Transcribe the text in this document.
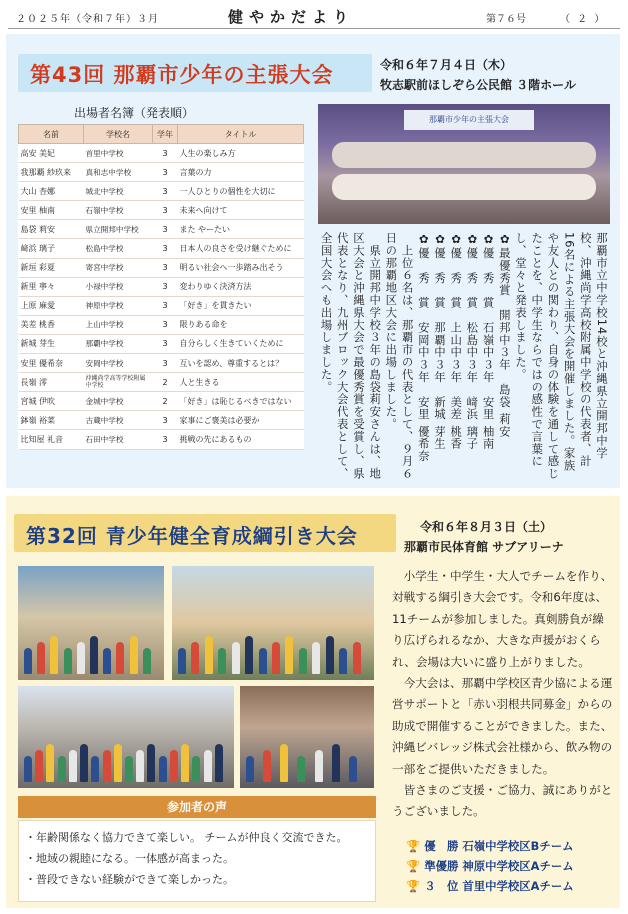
２０２５年（令和７年）３月	健やかだより	第７６号	（ ２ ）
第43回 那覇市少年の主張大会	令和６年７月４日（木）
牧志駅前ほしぞら公民館 ３階ホール
出場者名簿（発表順）
名前	学校名	学年	タイトル
高安 美妃	首里中学校	3	人生の楽しみ方
我那覇 紗玖来	真和志中学校	3	言葉の力
大山 杏娜	城北中学校	3	一人ひとりの個性を大切に
安里 柚南	石嶺中学校	3	未来へ向けて
島袋 莉安	県立開邦中学校	3	また やーたい
﨑浜 璃子	松島中学校	3	日本人の良さを受け継ぐために
新垣 彩夏	寄宮中学校	3	明るい社会へ一歩踏み出そう
新里 寧々	小禄中学校	3	変わりゆく決済方法
上原 麻愛	神原中学校	3	「好き」を貫きたい
美差 桃香	上山中学校	3	限りある命を
新城 芽生	那覇中学校	3	自分らしく生きていくために
安里 優希奈	安岡中学校	3	互いを認め、尊重するとは？
長嶺 澪	沖縄尚学高等学校附属中学校	2	人と生きる
宮城 伊吹	金城中学校	2	「好き」は恥じるべきではない
鉢嶺 裕菜	古蔵中学校	3	家事にご褒美は必要か
比知屋 礼音	石田中学校	3	挑戦の先にあるもの
那覇市少年の主張大会
那覇市立中学校14校と沖縄県立開邦中学校、沖縄尚学高校附属中学校の代表者、計16名による主張大会を開催しました。家族や友人との関わり、自身の体験を通して感じたことを、中学生ならではの感性で言葉にし、堂々と発表しました。
✿最優秀賞　開邦中３年　島袋 莉安
✿優　秀　賞　石嶺中３年　安里 柚南
✿優　秀　賞　松島中３年　﨑浜 璃子
✿優　秀　賞　上山中３年　美差 桃香
✿優　秀　賞　那覇中３年　新城 芽生
✿優　秀　賞　安岡中３年　安里 優希奈
　上位６名は、那覇市の代表として、９月６日の那覇地区大会に出場しました。
　県立開邦中学校３年の島袋莉安さんは、地区大会と沖縄県大会で最優秀賞を受賞し、県代表となり、九州ブロック大会代表として、全国大会へも出場しました。
第32回 青少年健全育成綱引き大会	令和６年８月３日（土）
那覇市民体育館 サブアリーナ
参加者の声
・年齢関係なく協力できて楽しい。 チームが仲良く交流できた。
・地域の親睦になる。一体感が高まった。
・普段できない経験ができて楽しかった。

小学生・中学生・大人でチームを作り、対戦する綱引き大会です。令和6年度は、11チームが参加しました。真剣勝負が繰り広げられるなか、大きな声援がおくられ、会場は大いに盛り上がりました。

今大会は、那覇中学校区青少協による運営サポートと「赤い羽根共同募金」からの助成で開催することができました。また、沖縄ビバレッジ株式会社様から、飲み物の一部をご提供いただきました。

皆さまのご支援・ご協力、誠にありがとうございました。

🏆 優　勝 石嶺中学校区Bチーム
🏆 準優勝 神原中学校区Aチーム
🏆 ３　位 首里中学校区Aチーム
